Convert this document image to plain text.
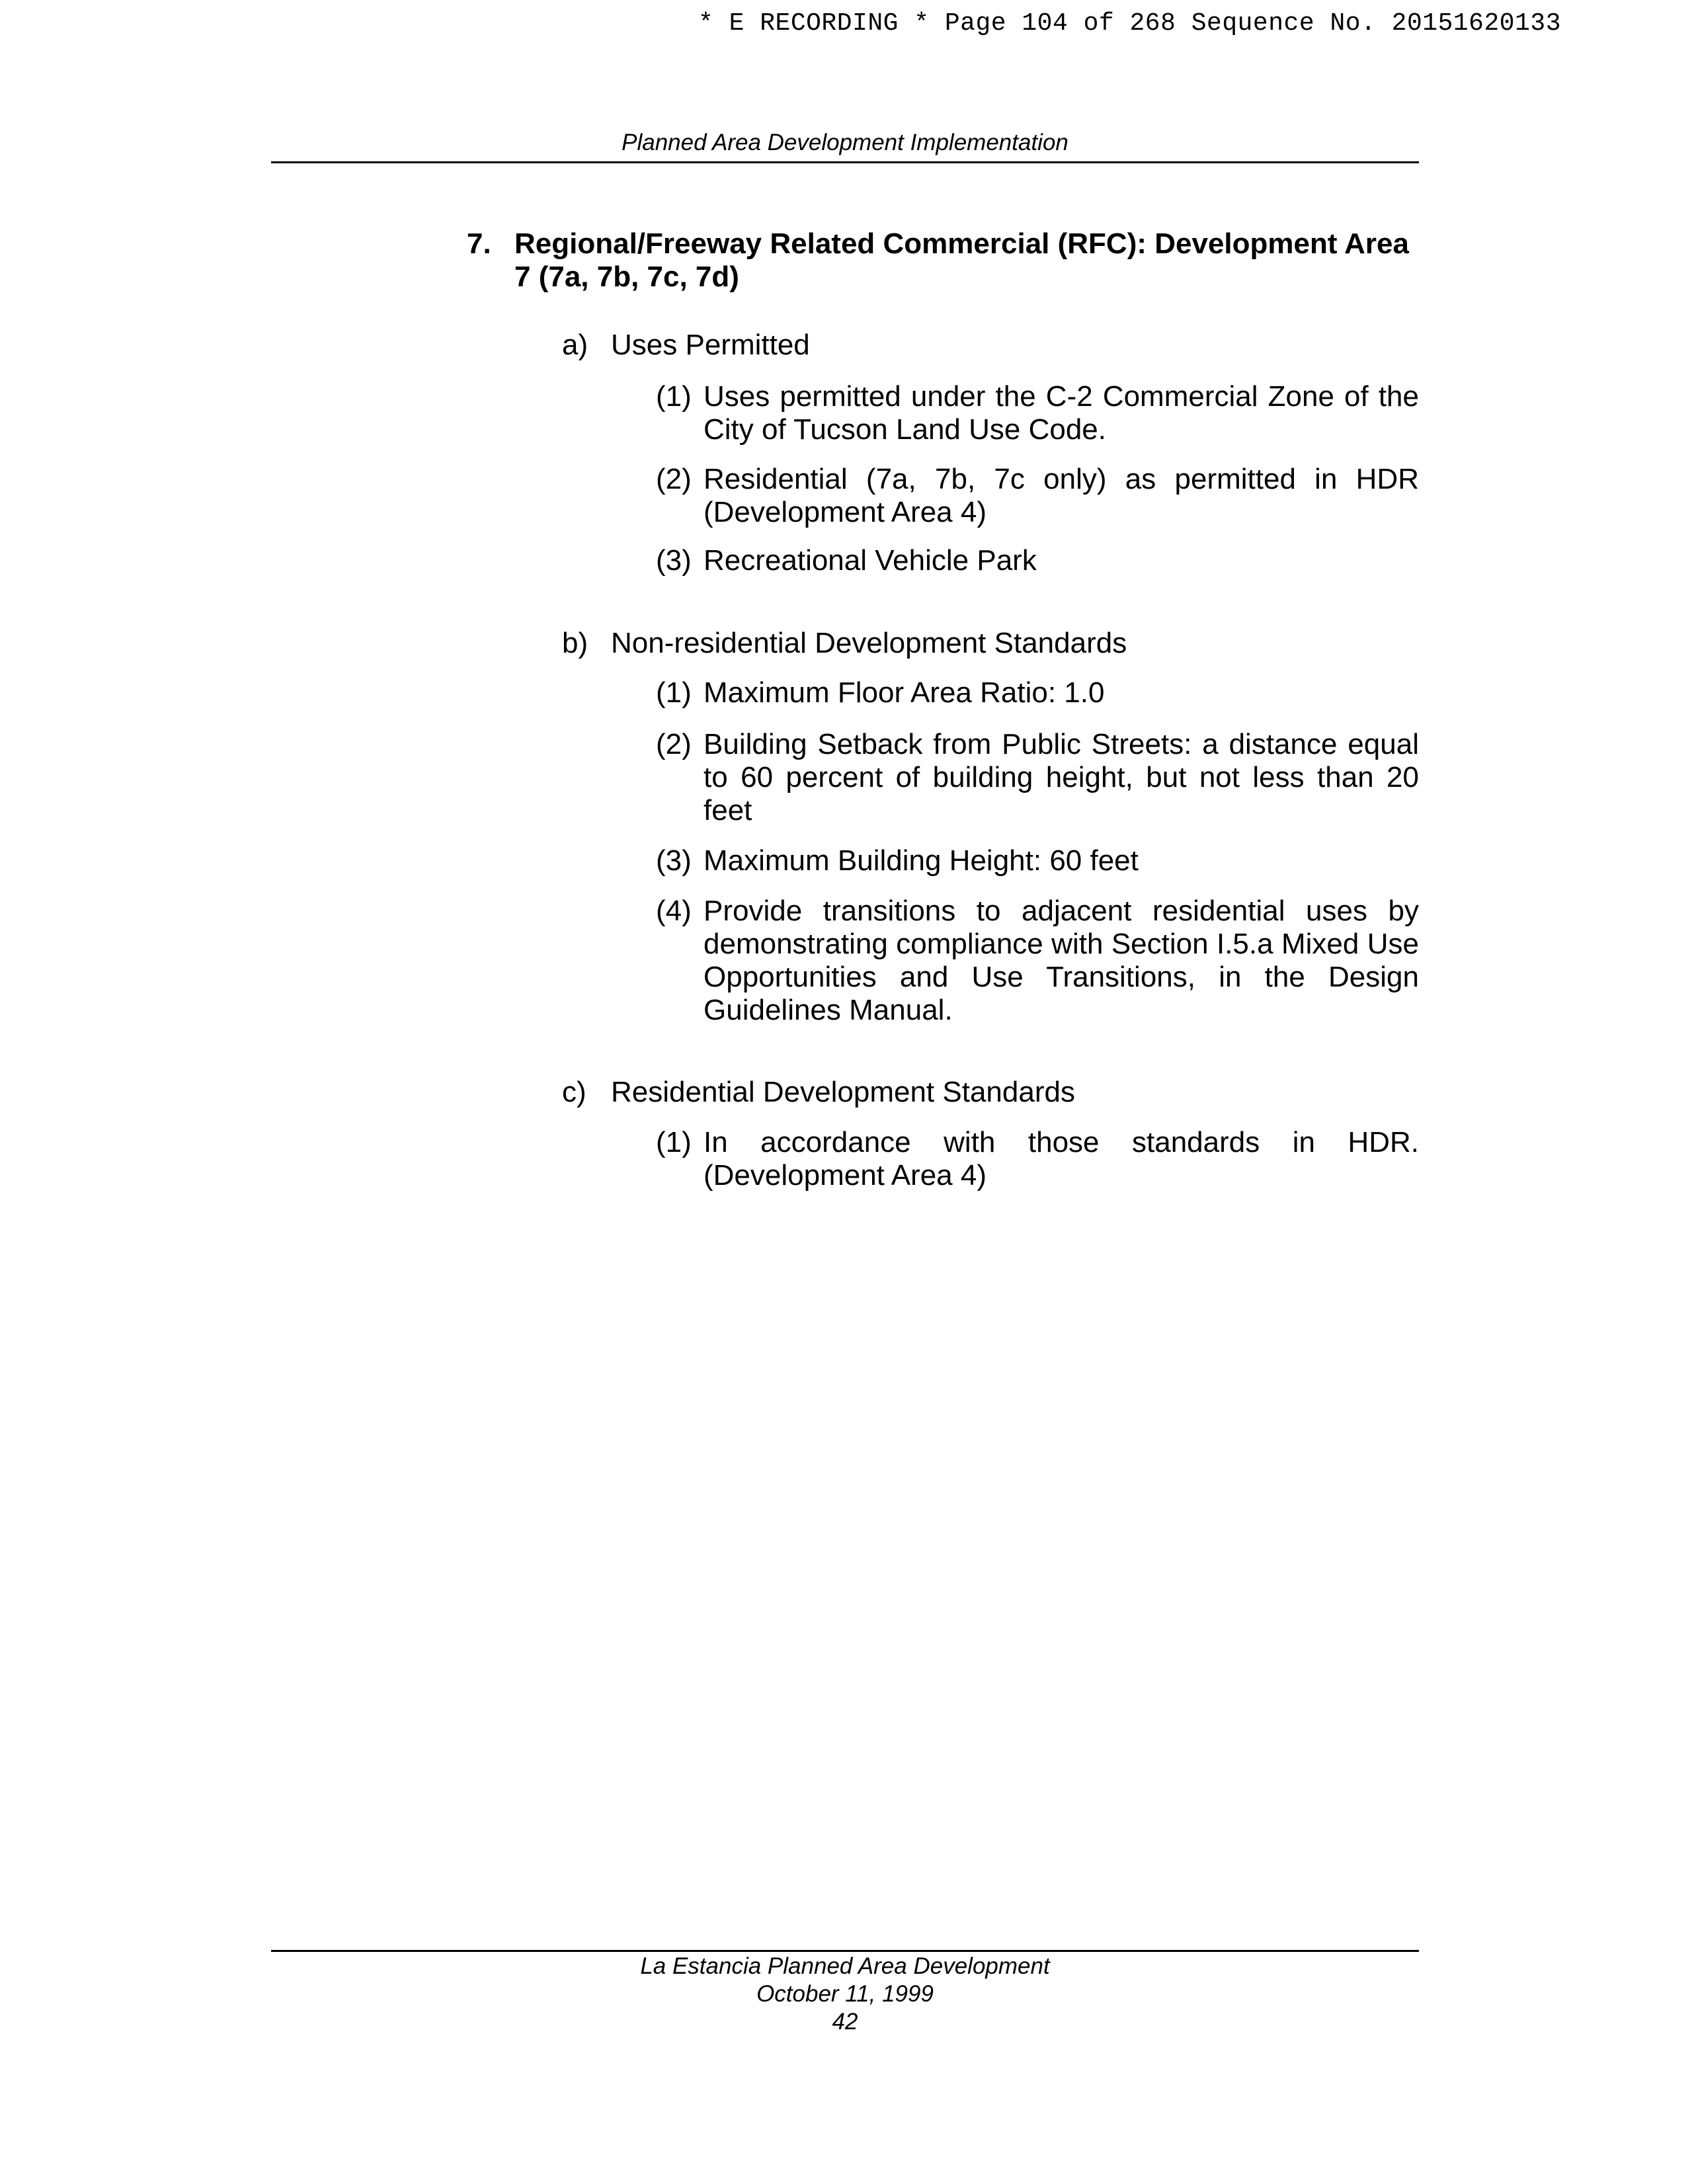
* E RECORDING * Page 104 of 268 Sequence No. 20151620133
Planned Area Development Implementation
7. Regional/Freeway Related Commercial (RFC): Development Area 7 (7a, 7b, 7c, 7d)
a) Uses Permitted
(1) Uses permitted under the C-2 Commercial Zone of the City of Tucson Land Use Code.
(2) Residential (7a, 7b, 7c only) as permitted in HDR (Development Area 4)
(3) Recreational Vehicle Park
b) Non-residential Development Standards
(1) Maximum Floor Area Ratio: 1.0
(2) Building Setback from Public Streets: a distance equal to 60 percent of building height, but not less than 20 feet
(3) Maximum Building Height: 60 feet
(4) Provide transitions to adjacent residential uses by demonstrating compliance with Section I.5.a Mixed Use Opportunities and Use Transitions, in the Design Guidelines Manual.
c) Residential Development Standards
(1) In accordance with those standards in HDR. (Development Area 4)
La Estancia Planned Area Development
October 11, 1999
42
